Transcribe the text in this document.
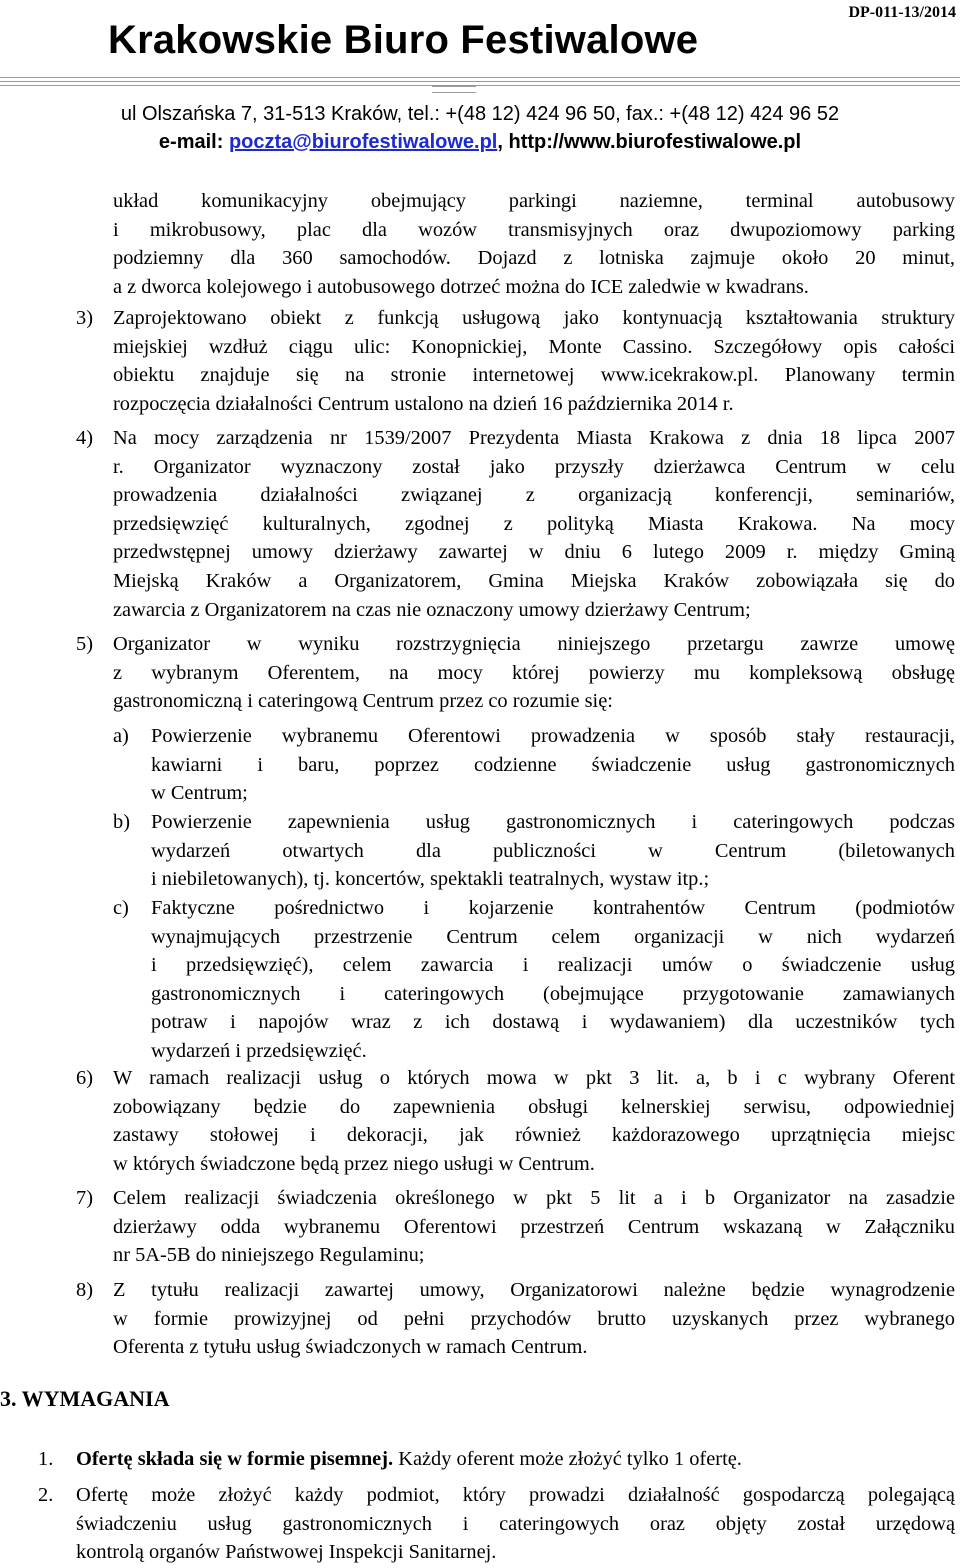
Krakowskie Biuro Festiwalowe
DP-011-13/2014
ul Olszańska 7, 31-513 Kraków, tel.: +(48 12) 424 96 50, fax.: +(48 12) 424 96 52
e-mail: poczta@biurofestiwalowe.pl, http://www.biurofestiwalowe.pl
układ komunikacyjny obejmujący parkingi naziemne, terminal autobusowy
i mikrobusowy, plac dla wozów transmisyjnych oraz dwupoziomowy parking
podziemny dla 360 samochodów. Dojazd z lotniska zajmuje około 20 minut,
a z dworca kolejowego i autobusowego dotrzeć można do ICE zaledwie w kwadrans.
3) Zaprojektowano obiekt z funkcją usługową jako kontynuacją kształtowania struktury
miejskiej wzdłuż ciągu ulic: Konopnickiej, Monte Cassino. Szczegółowy opis całości
obiektu znajduje się na stronie internetowej www.icekrakow.pl. Planowany termin
rozpoczęcia działalności Centrum ustalono na dzień 16 października 2014 r.
4) Na mocy zarządzenia nr 1539/2007 Prezydenta Miasta Krakowa z dnia 18 lipca 2007
r. Organizator wyznaczony został jako przyszły dzierżawca Centrum w celu
prowadzenia działalności związanej z organizacją konferencji, seminariów,
przedsięwzięć kulturalnych, zgodnej z polityką Miasta Krakowa. Na mocy
przedwstępnej umowy dzierżawy zawartej w dniu 6 lutego 2009 r. między Gminą
Miejską Kraków a Organizatorem, Gmina Miejska Kraków zobowiązała się do
zawarcia z Organizatorem na czas nie oznaczony umowy dzierżawy Centrum;
5) Organizator w wyniku rozstrzygnięcia niniejszego przetargu zawrze umowę
z wybranym Oferentem, na mocy której powierzy mu kompleksową obsługę
gastronomiczną i cateringową Centrum przez co rozumie się:
a) Powierzenie wybranemu Oferentowi prowadzenia w sposób stały restauracji,
kawiarni i baru, poprzez codzienne świadczenie usług gastronomicznych
w Centrum;
b) Powierzenie zapewnienia usług gastronomicznych i cateringowych podczas
wydarzeń otwartych dla publiczności w Centrum (biletowanych
i niebiletowanych), tj. koncertów, spektakli teatralnych, wystaw itp.;
c) Faktyczne pośrednictwo i kojarzenie kontrahentów Centrum (podmiotów
wynajmujących przestrzenie Centrum celem organizacji w nich wydarzeń
i przedsięwzięć), celem zawarcia i realizacji umów o świadczenie usług
gastronomicznych i cateringowych (obejmujące przygotowanie zamawianych
potraw i napojów wraz z ich dostawą i wydawaniem) dla uczestników tych
wydarzeń i przedsięwzięć.
6) W ramach realizacji usług o których mowa w pkt 3 lit. a, b i c wybrany Oferent
zobowiązany będzie do zapewnienia obsługi kelnerskiej serwisu, odpowiedniej
zastawy stołowej i dekoracji, jak również każdorazowego uprzątnięcia miejsc
w których świadczone będą przez niego usługi w Centrum.
7) Celem realizacji świadczenia określonego w pkt 5 lit a i b Organizator na zasadzie
dzierżawy odda wybranemu Oferentowi przestrzeń Centrum wskazaną w Załączniku
nr 5A-5B do niniejszego Regulaminu;
8) Z tytułu realizacji zawartej umowy, Organizatorowi należne będzie wynagrodzenie
w formie prowizyjnej od pełni przychodów brutto uzyskanych przez wybranego
Oferenta z tytułu usług świadczonych w ramach Centrum.
3. WYMAGANIA
1. Ofertę składa się w formie pisemnej. Każdy oferent może złożyć tylko 1 ofertę.
2. Ofertę może złożyć każdy podmiot, który prowadzi działalność gospodarczą polegającą
świadczeniu usług gastronomicznych i cateringowych oraz objęty został urzędową
kontrolą organów Państwowej Inspekcji Sanitarnej.
